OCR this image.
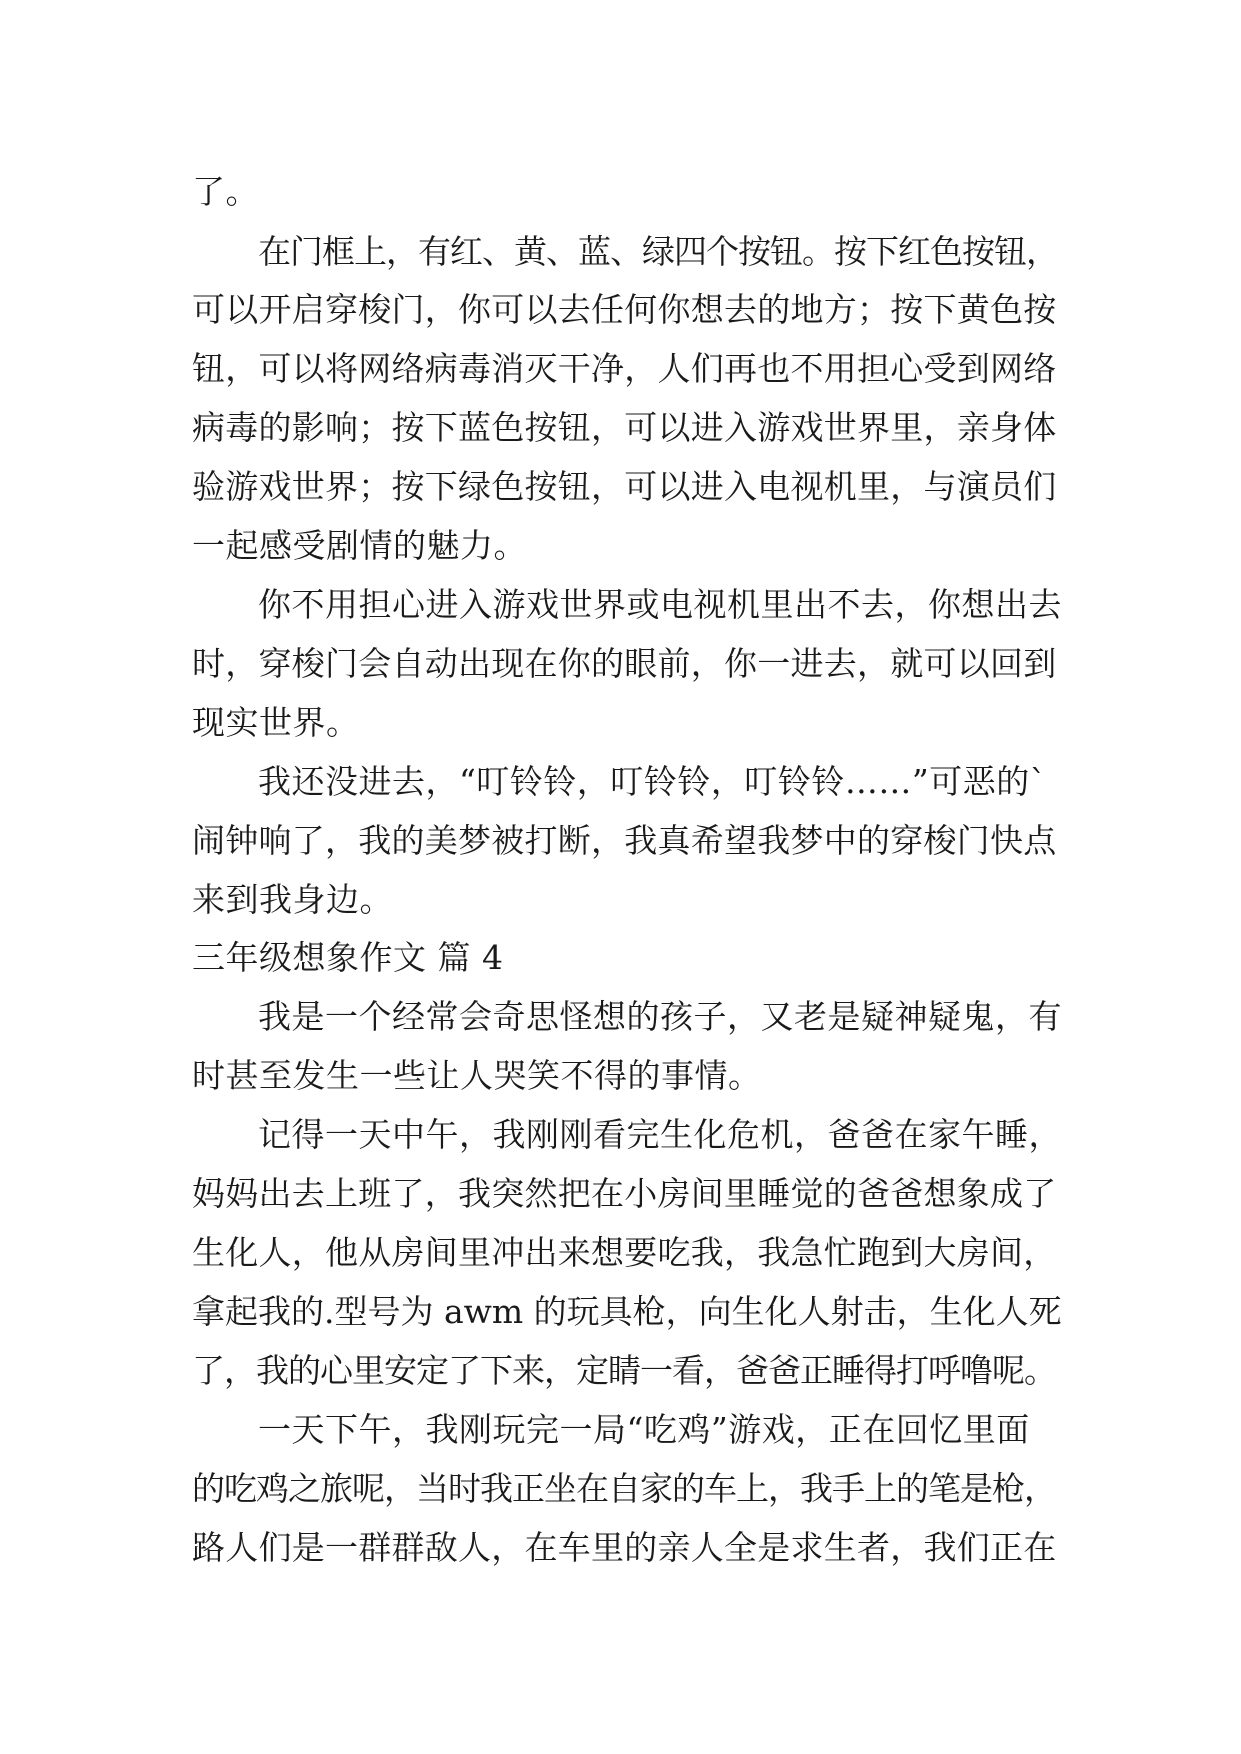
了。

在门框上，有红、黄、蓝、绿四个按钮。按下红色按钮，

可以开启穿梭门，你可以去任何你想去的地方；按下黄色按

钮，可以将网络病毒消灭干净，人们再也不用担心受到网络

病毒的影响；按下蓝色按钮，可以进入游戏世界里，亲身体

验游戏世界；按下绿色按钮，可以进入电视机里，与演员们

一起感受剧情的魅力。

你不用担心进入游戏世界或电视机里出不去，你想出去

时，穿梭门会自动出现在你的眼前，你一进去，就可以回到

现实世界。

我还没进去，“叮铃铃，叮铃铃，叮铃铃……”可恶的`

闹钟响了，我的美梦被打断，我真希望我梦中的穿梭门快点

来到我身边。

三年级想象作文 篇 4

我是一个经常会奇思怪想的孩子，又老是疑神疑鬼，有

时甚至发生一些让人哭笑不得的事情。

记得一天中午，我刚刚看完生化危机，爸爸在家午睡，

妈妈出去上班了，我突然把在小房间里睡觉的爸爸想象成了

生化人，他从房间里冲出来想要吃我，我急忙跑到大房间，

拿起我的.型号为 awm 的玩具枪，向生化人射击，生化人死

了，我的心里安定了下来，定睛一看，爸爸正睡得打呼噜呢。

一天下午，我刚玩完一局“吃鸡”游戏，正在回忆里面

的吃鸡之旅呢，当时我正坐在自家的车上，我手上的笔是枪，

路人们是一群群敌人，在车里的亲人全是求生者，我们正在
